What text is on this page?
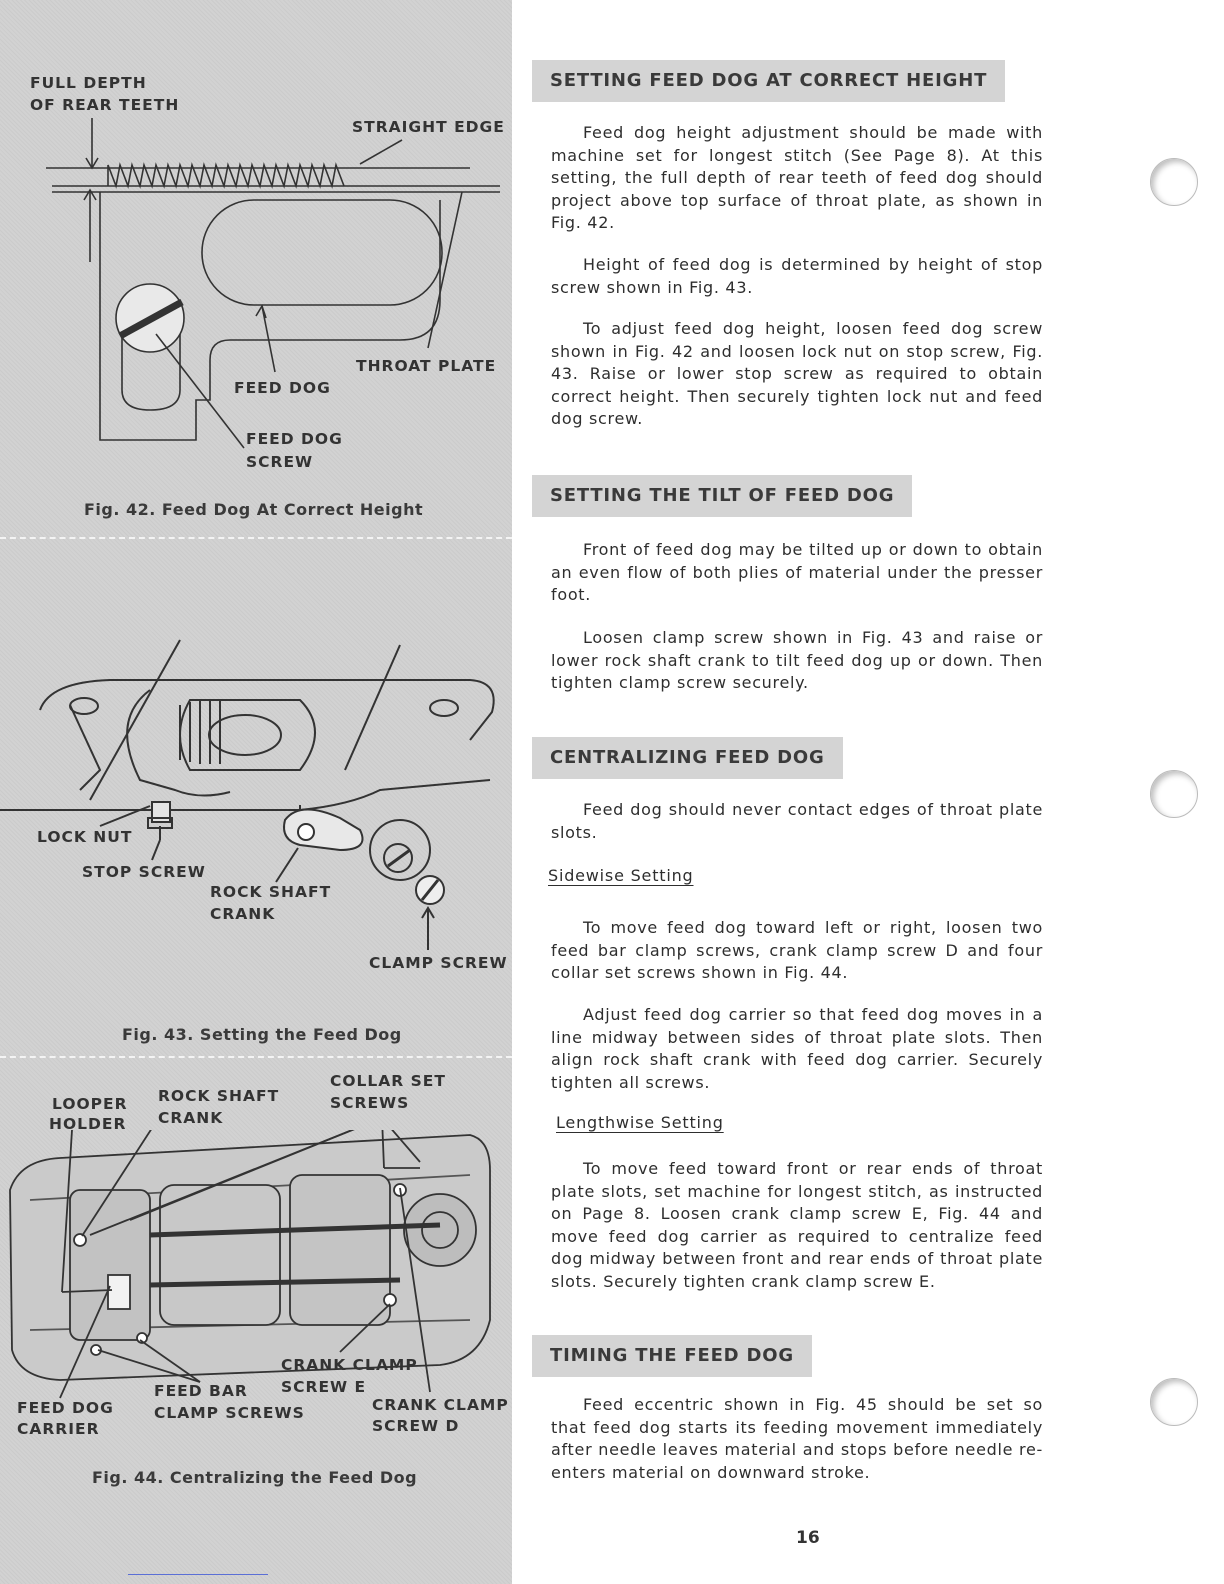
FULL DEPTH
OF REAR TEETH
STRAIGHT EDGE
THROAT PLATE
FEED DOG
FEED DOG
SCREW
Fig. 42. Feed Dog At Correct Height
LOCK NUT
STOP SCREW
ROCK SHAFT
CRANK
CLAMP SCREW
Fig. 43. Setting the Feed Dog
LOOPER
HOLDER
ROCK SHAFT
CRANK
COLLAR SET
SCREWS
CRANK CLAMP
SCREW E
FEED BAR
CLAMP SCREWS
FEED DOG
CARRIER
CRANK CLAMP
SCREW D
Fig. 44. Centralizing the Feed Dog
SETTING FEED DOG AT CORRECT HEIGHT

Feed dog height adjustment should be made with machine set for longest stitch (See Page 8). At this setting, the full depth of rear teeth of feed dog should project above top surface of throat plate, as shown in Fig. 42.

Height of feed dog is determined by height of stop screw shown in Fig. 43.

To adjust feed dog height, loosen feed dog screw shown in Fig. 42 and loosen lock nut on stop screw, Fig. 43. Raise or lower stop screw as required to obtain correct height. Then securely tighten lock nut and feed dog screw.

SETTING THE TILT OF FEED DOG

Front of feed dog may be tilted up or down to obtain an even flow of both plies of material under the presser foot.

Loosen clamp screw shown in Fig. 43 and raise or lower rock shaft crank to tilt feed dog up or down. Then tighten clamp screw securely.

CENTRALIZING FEED DOG

Feed dog should never contact edges of throat plate slots.

Sidewise Setting

To move feed dog toward left or right, loosen two feed bar clamp screws, crank clamp screw D and four collar set screws shown in Fig. 44.

Adjust feed dog carrier so that feed dog moves in a line midway between sides of throat plate slots. Then align rock shaft crank with feed dog carrier. Securely tighten all screws.

Lengthwise Setting

To move feed toward front or rear ends of throat plate slots, set machine for longest stitch, as instructed on Page 8. Loosen crank clamp screw E, Fig. 44 and move feed dog carrier as required to centralize feed dog midway between front and rear ends of throat plate slots. Securely tighten crank clamp screw E.

TIMING THE FEED DOG

Feed eccentric shown in Fig. 45 should be set so that feed dog starts its feeding movement immediately after needle leaves material and stops before needle re-enters material on downward stroke.

16
